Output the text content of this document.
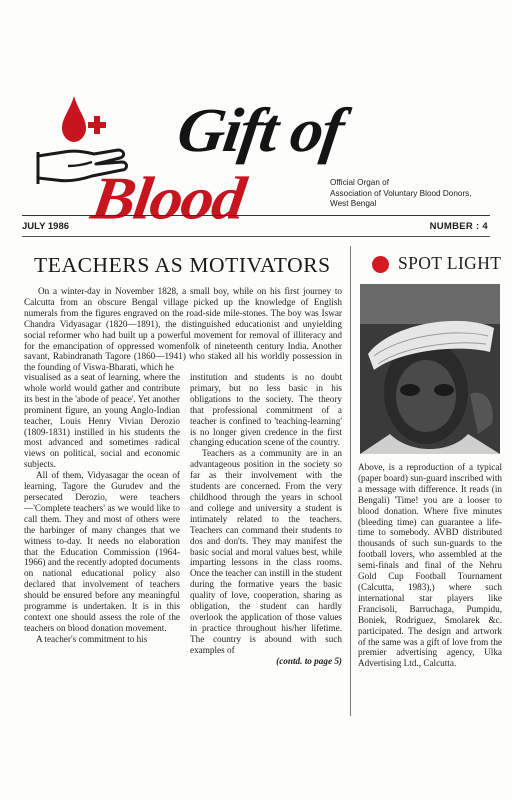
Gift of
Blood	Official Organ of
Association of Voluntary Blood Donors,
West Bengal
JULY 1986	NUMBER : 4
TEACHERS AS MOTIVATORS
On a winter-day in November 1828, a small boy, while on his first journey to Calcutta from an obscure Bengal village picked up the knowledge of English numerals from the figures engraved on the road-side mile-stones. The boy was Iswar Chandra Vidyasagar (1820—1891), the distinguished educationist and unyielding social reformer who had built up a powerful movement for removal of illiteracy and for the emancipation of oppressed womenfolk of nineteenth century India. Another savant, Rabindranath Tagore (1860—1941) who staked all his worldly possession in the founding of Viswa-Bharati, which he

visualised as a seat of learning, where the whole world would gather and contribute its best in the 'abode of peace'. Yet another prominent figure, an young Anglo-Indian teacher, Louis Henry Vivian Derozio (1809-1831) instilled in his students the most advanced and sometimes radical views on political, social and economic subjects.

All of them, Vidyasagar the ocean of learning, Tagore the Gurudev and the persecated Derozio, were teachers—'Complete teachers' as we would like to call them. They and most of others were the harbinger of many changes that we witness to-day. It needs no elaboration that the Education Commission (1964-1966) and the recently adopted documents on national educational policy also declared that involvement of teachers should be ensured before any meaningful programme is undertaken. It is in this context one should assess the role of the teachers on blood donation movement.

A teacher's commitment to his

institution and students is no doubt primary, but no less basic in his obligations to the society. The theory that professional commitment of a teacher is confined to 'teaching-learning' is no longer given credence in the first changing education scene of the country.

Teachers as a community are in an advantageous position in the society so far as their involvement with the students are concerned. From the very childhood through the years in school and college and university a student is intimately related to the teachers. Teachers can command their students to dos and don'ts. They may manifest the basic social and moral values best, while imparting lessons in the class rooms. Once the teacher can instill in the student during the formative years the basic quality of love, cooperation, sharing as obligation, the student can hardly overlook the application of those values in practice throughout his/her lifetime. The country is abound with such examples of

(contd. to page 5)
SPOT LIGHT
Above, is a reproduction of a typical (paper board) sun-guard inscribed with a message with difference. It reads (in Bengali) 'Time! you are a looser to blood donation. Where five minutes (bleeding time) can guarantee a life-time to somebody. AVBD distributed thousands of such sun-guards to the football lovers, who assembled at the semi-finals and final of the Nehru Gold Cup Football Tournament (Calcutta, 1983),) where such international star players like Francisoli, Barruchaga, Pumpidu, Boniek, Rodriguez, Smolarek &c. participated. The design and artwork of the same was a gift of love from the premier advertising agency, Ulka Advertising Ltd., Calcutta.
